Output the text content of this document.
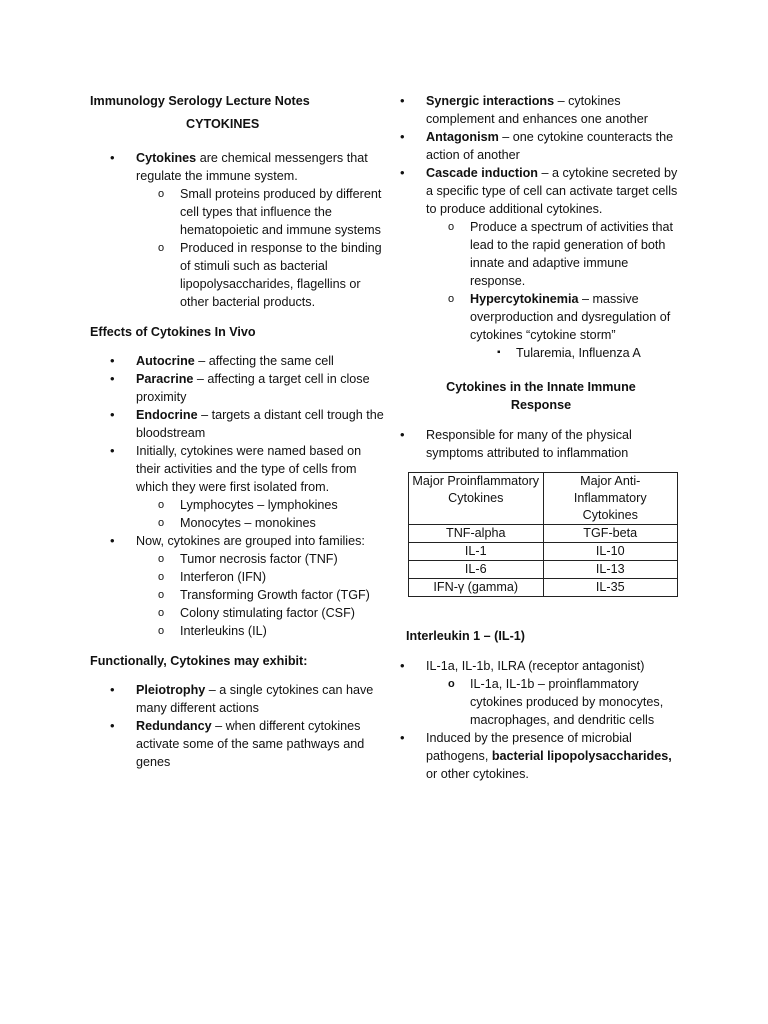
Immunology Serology Lecture Notes

CYTOKINES

• Cytokines are chemical messengers that regulate the immune system.
o Small proteins produced by different cell types that influence the hematopoietic and immune systems
o Produced in response to the binding of stimuli such as bacterial lipopolysaccharides, flagellins or other bacterial products.

Effects of Cytokines In Vivo

• Autocrine – affecting the same cell
• Paracrine – affecting a target cell in close proximity
• Endocrine – targets a distant cell trough the bloodstream
• Initially, cytokines were named based on their activities and the type of cells from which they were first isolated from.
o Lymphocytes – lymphokines
o Monocytes – monokines
• Now, cytokines are grouped into families:
o Tumor necrosis factor (TNF)
o Interferon (IFN)
o Transforming Growth factor (TGF)
o Colony stimulating factor (CSF)
o Interleukins (IL)

Functionally, Cytokines may exhibit:

• Pleiotrophy – a single cytokines can have many different actions
• Redundancy – when different cytokines activate some of the same pathways and genes
• Synergic interactions – cytokines complement and enhances one another
• Antagonism – one cytokine counteracts the action of another
• Cascade induction – a cytokine secreted by a specific type of cell can activate target cells to produce additional cytokines.
o Produce a spectrum of activities that lead to the rapid generation of both innate and adaptive immune response.
o Hypercytokinemia – massive overproduction and dysregulation of cytokines “cytokine storm”
▪ Tularemia, Influenza A

Cytokines in the Innate Immune Response

• Responsible for many of the physical symptoms attributed to inflammation
Major Proinflammatory Cytokines	Major Anti-Inflammatory Cytokines
TNF-alpha	TGF-beta
IL-1	IL-10
IL-6	IL-13
IFN-γ (gamma)	IL-35

Interleukin 1 – (IL-1)

• IL-1a, IL-1b, ILRA (receptor antagonist)
o IL-1a, IL-1b – proinflammatory cytokines produced by monocytes, macrophages, and dendritic cells
• Induced by the presence of microbial pathogens, bacterial lipopolysaccharides, or other cytokines.
